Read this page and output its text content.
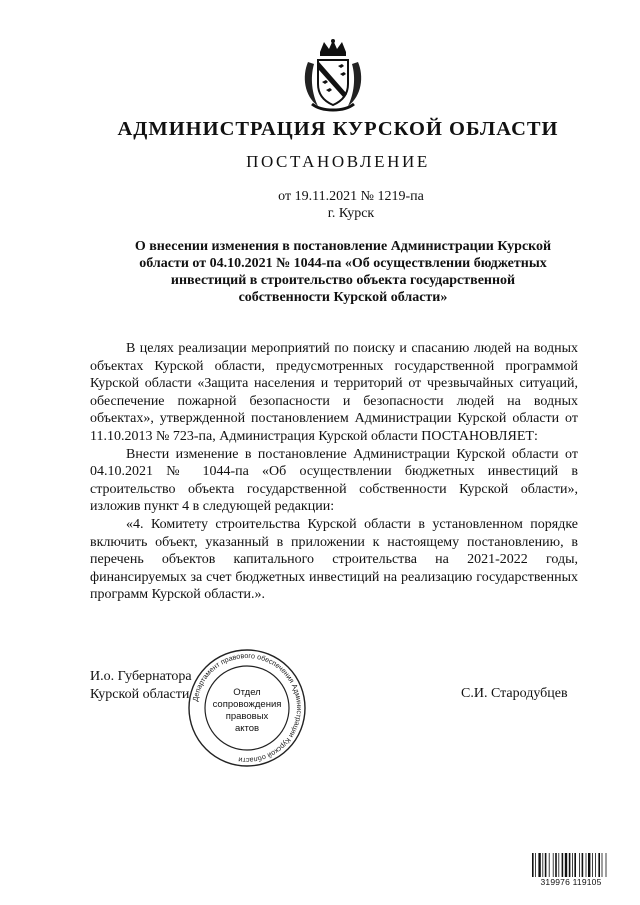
АДМИНИСТРАЦИЯ КУРСКОЙ ОБЛАСТИ
ПОСТАНОВЛЕНИЕ
от 19.11.2021 № 1219-па
г. Курск
О внесении изменения в постановление Администрации Курской
области от 04.10.2021 № 1044-па «Об осуществлении бюджетных
инвестиций в строительство объекта государственной
собственности Курской области»

В целях реализации мероприятий по поиску и спасанию людей на водных объектах Курской области, предусмотренных государственной программой Курской области «Защита населения и территорий от чрезвычайных ситуаций, обеспечение пожарной безопасности и безопасности людей на водных объектах», утвержденной постановлением Администрации Курской области от 11.10.2013 № 723-па, Администрация Курской области ПОСТАНОВЛЯЕТ:

Внести изменение в постановление Администрации Курской области от 04.10.2021 № 1044-па «Об осуществлении бюджетных инвестиций в строительство объекта государственной собственности Курской области», изложив пункт 4 в следующей редакции:

«4. Комитету строительства Курской области в установленном порядке включить объект, указанный в приложении к настоящему постановлению, в перечень объектов капитального строительства на 2021-2022 годы, финансируемых за счет бюджетных инвестиций на реализацию государственных программ Курской области.».

И.о. Губернатора
Курской области	С.И. Стародубцев
Департамент правового обеспечения Администрации Курской области
Отдел
сопровождения
правовых
актов
319976 119105
